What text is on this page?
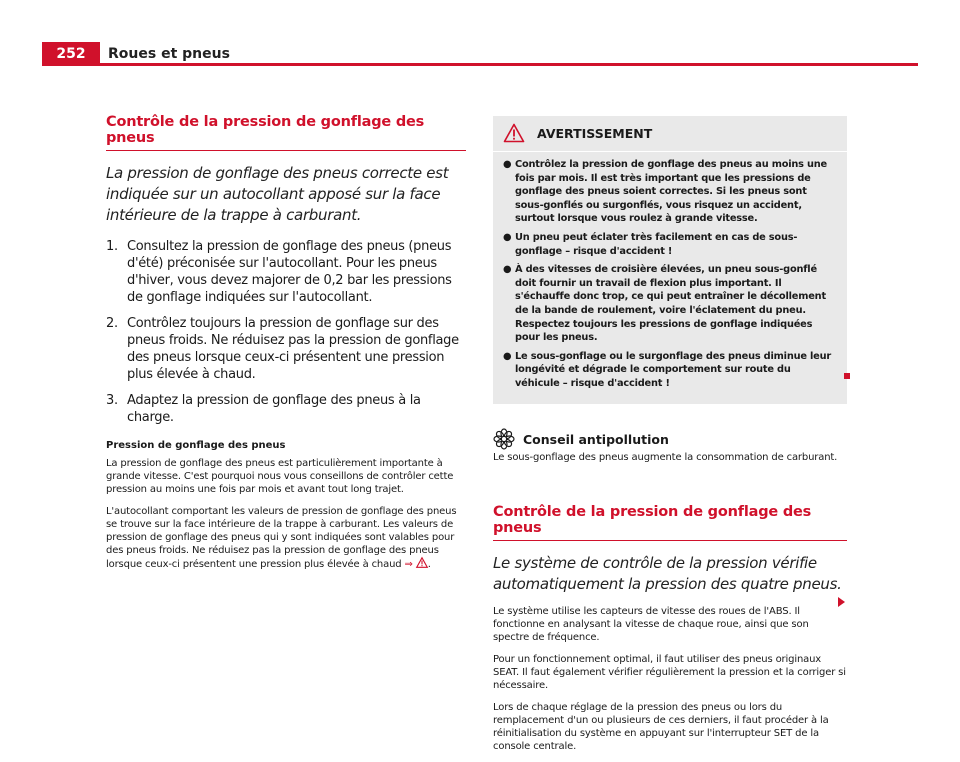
252	Roues et pneus
Contrôle de la pression de gonflage des pneus
La pression de gonflage des pneus correcte est indiquée sur un autocollant apposé sur la face intérieure de la trappe à carburant.
1. Consultez la pression de gonflage des pneus (pneus d'été) préconisée sur l'autocollant. Pour les pneus d'hiver, vous devez majorer de 0,2 bar les pressions de gonflage indiquées sur l'autocollant.
2. Contrôlez toujours la pression de gonflage sur des pneus froids. Ne réduisez pas la pression de gonflage des pneus lorsque ceux-ci présentent une pression plus élevée à chaud.
3. Adaptez la pression de gonflage des pneus à la charge.
Pression de gonflage des pneus

La pression de gonflage des pneus est particulièrement importante à grande vitesse. C'est pourquoi nous vous conseillons de contrôler cette pression au moins une fois par mois et avant tout long trajet.

L'autocollant comportant les valeurs de pression de gonflage des pneus se trouve sur la face intérieure de la trappe à carburant. Les valeurs de pression de gonflage des pneus qui y sont indiquées sont valables pour des pneus froids. Ne réduisez pas la pression de gonflage des pneus lorsque ceux-ci présentent une pression plus élevée à chaud ⇒ .

AVERTISSEMENT
● Contrôlez la pression de gonflage des pneus au moins une fois par mois. Il est très important que les pressions de gonflage des pneus soient correctes. Si les pneus sont sous-gonflés ou surgonflés, vous risquez un accident, surtout lorsque vous roulez à grande vitesse.
● Un pneu peut éclater très facilement en cas de sous-gonflage – risque d'accident !
● À des vitesses de croisière élevées, un pneu sous-gonflé doit fournir un travail de flexion plus important. Il s'échauffe donc trop, ce qui peut entraîner le décollement de la bande de roulement, voire l'éclatement du pneu. Respectez toujours les pressions de gonflage indiquées pour les pneus.
● Le sous-gonflage ou le surgonflage des pneus diminue leur longévité et dégrade le comportement sur route du véhicule – risque d'accident !
Conseil antipollution
Le sous-gonflage des pneus augmente la consommation de carburant.
Contrôle de la pression de gonflage des pneus
Le système de contrôle de la pression vérifie automatiquement la pression des quatre pneus.

Le système utilise les capteurs de vitesse des roues de l'ABS. Il fonctionne en analysant la vitesse de chaque roue, ainsi que son spectre de fréquence.

Pour un fonctionnement optimal, il faut utiliser des pneus originaux SEAT. Il faut également vérifier régulièrement la pression et la corriger si nécessaire.

Lors de chaque réglage de la pression des pneus ou lors du remplacement d'un ou plusieurs de ces derniers, il faut procéder à la réinitialisation du système en appuyant sur l'interrupteur SET de la console centrale.
